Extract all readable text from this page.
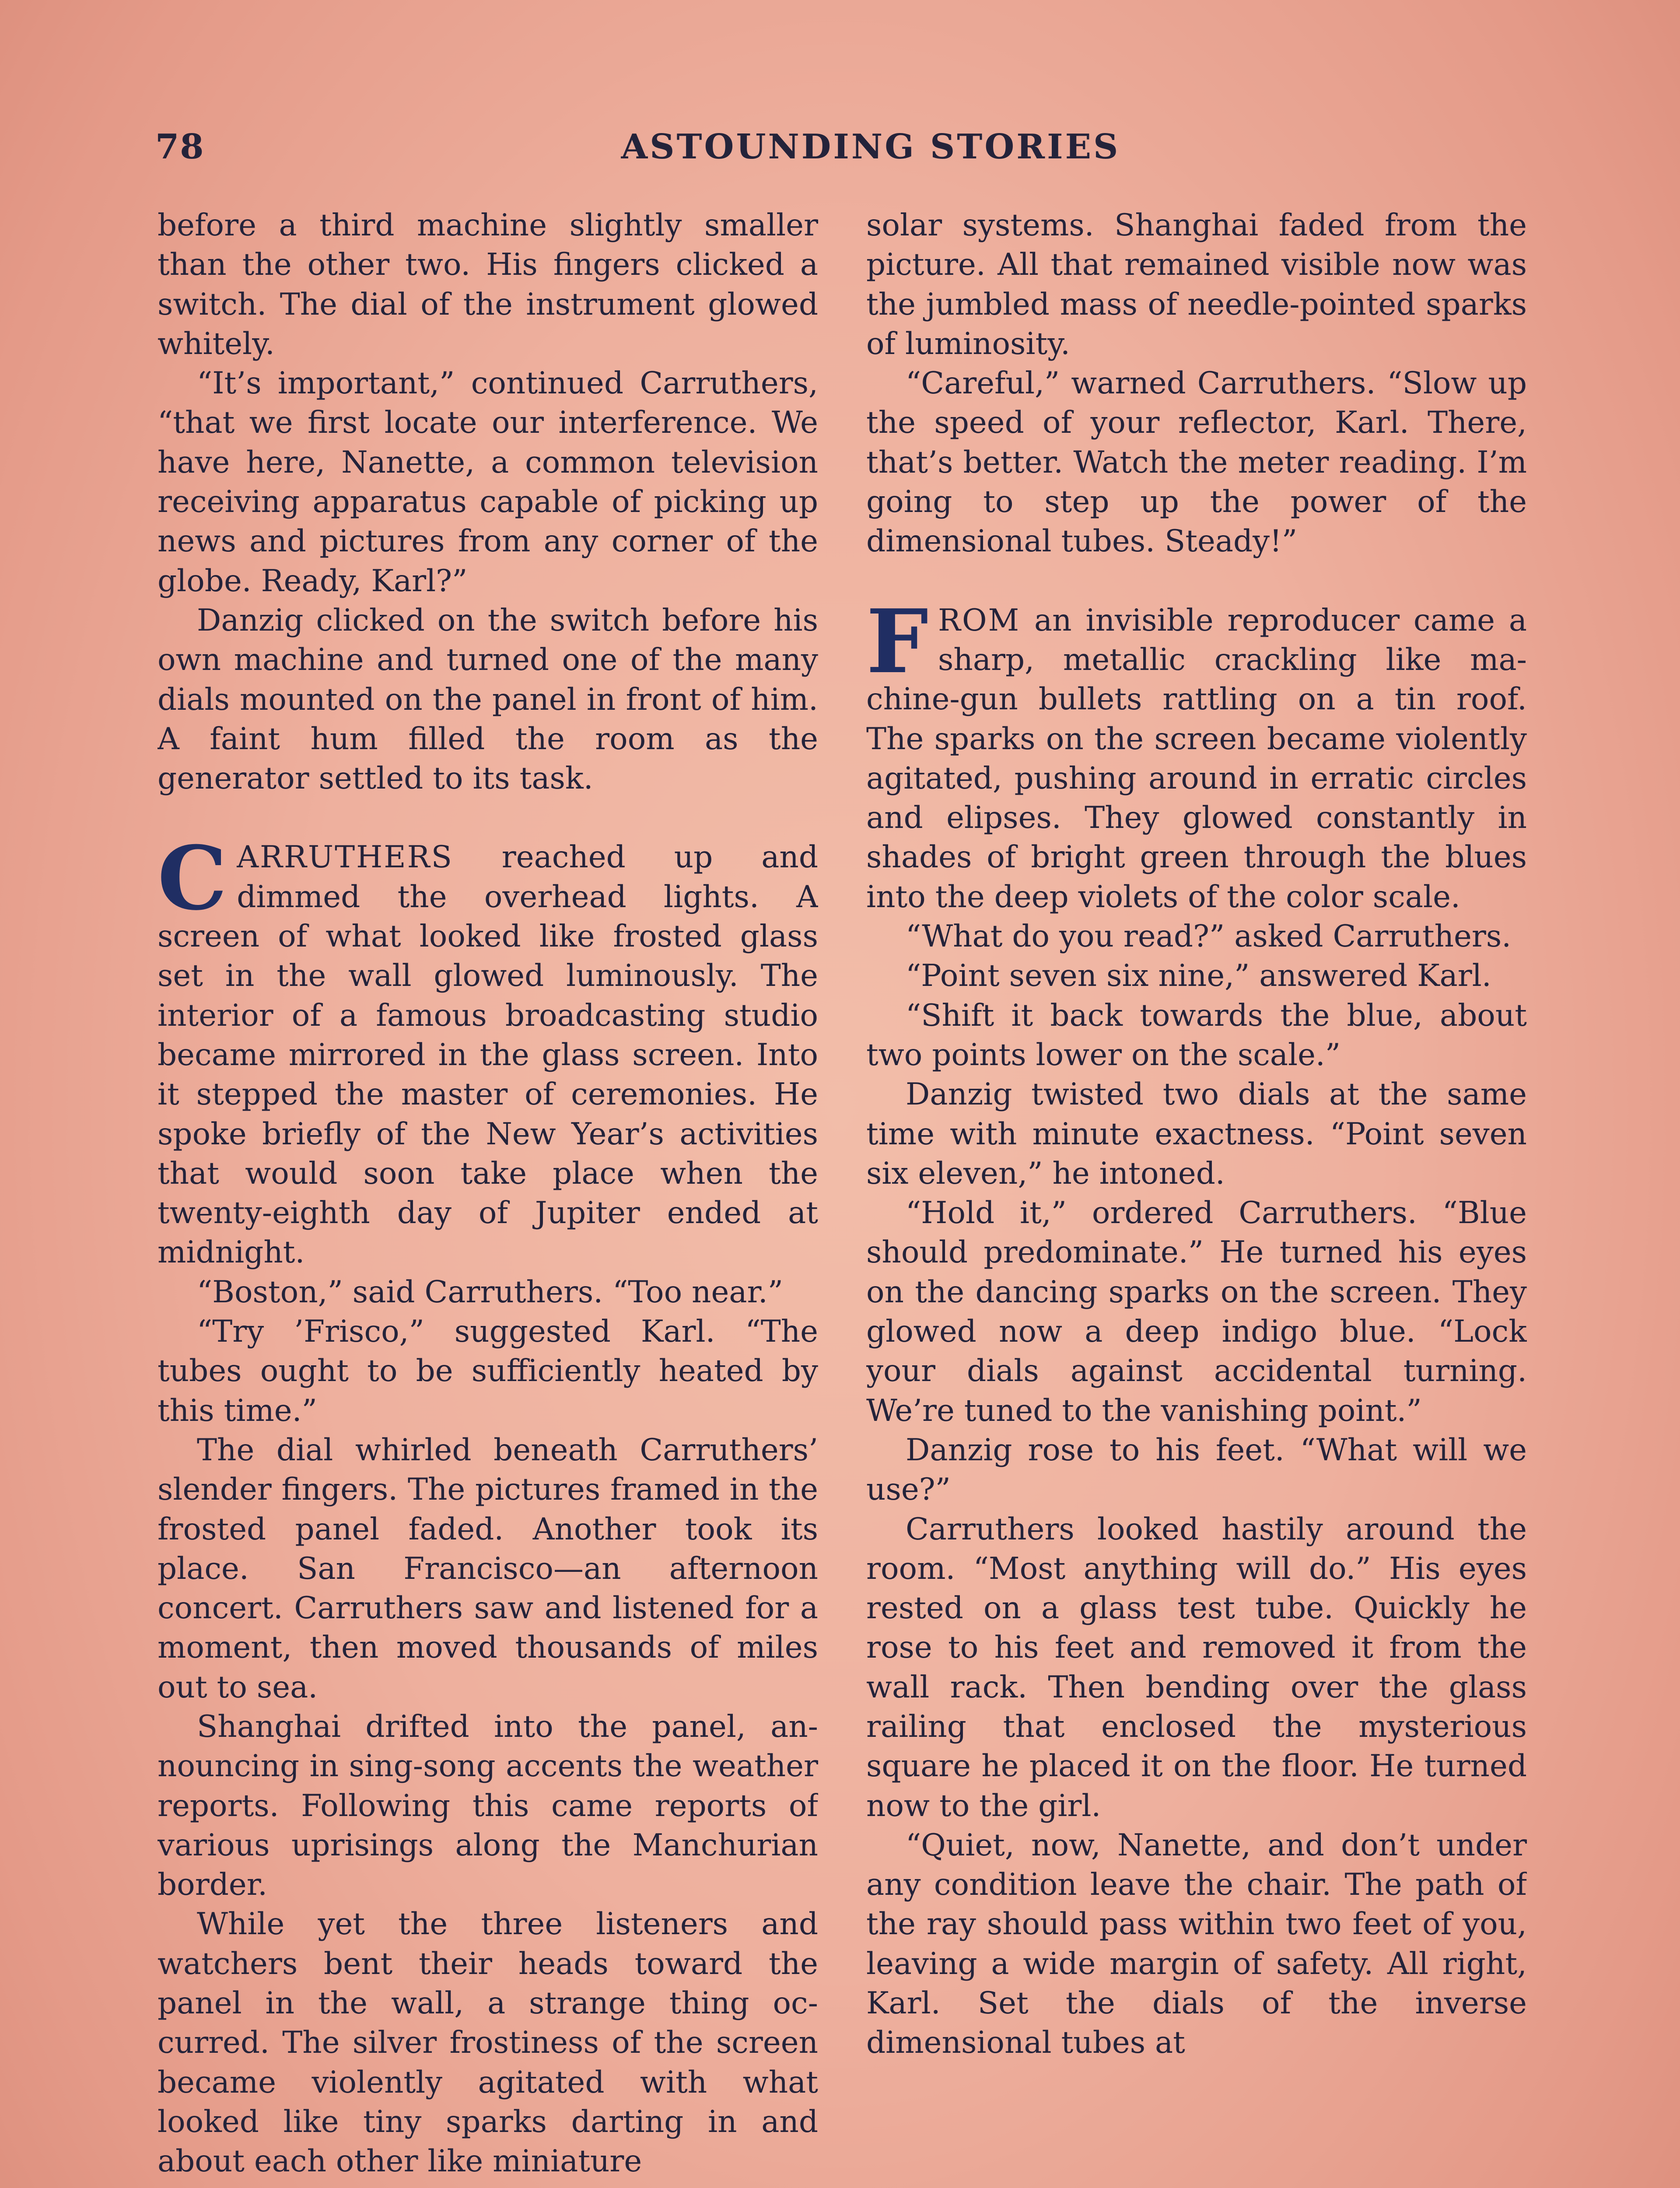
78	ASTOUNDING STORIES

before a third machine slightly smaller than the other two. His fingers clicked a switch. The dial of the instrument glowed whitely.

“It’s important,” continued Carruthers, “that we first locate our interference. We have here, Nanette, a common television receiving apparatus capable of picking up news and pictures from any corner of the globe. Ready, Karl?”

Danzig clicked on the switch before his own machine and turned one of the many dials mounted on the panel in front of him. A faint hum filled the room as the generator settled to its task.

CARRUTHERS reached up and dimmed the overhead lights. A screen of what looked like frosted glass set in the wall glowed luminously. The interior of a famous broadcasting studio became mirrored in the glass screen. Into it stepped the master of ceremonies. He spoke briefly of the New Year’s activities that would soon take place when the twenty-eighth day of Jupiter ended at midnight.

“Boston,” said Carruthers. “Too near.”

“Try ’Frisco,” suggested Karl. “The tubes ought to be sufficiently heated by this time.”

The dial whirled beneath Carruthers’ slender fingers. The pictures framed in the frosted panel faded. Another took its place. San Francisco—an afternoon concert. Carruthers saw and listened for a moment, then moved thousands of miles out to sea.

Shanghai drifted into the panel, announcing in sing-song accents the weather reports. Following this came reports of various uprisings along the Manchurian border.

While yet the three listeners and watchers bent their heads toward the panel in the wall, a strange thing occurred. The silver frostiness of the screen became violently agitated with what looked like tiny sparks darting in and about each other like miniature

solar systems. Shanghai faded from the picture. All that remained visible now was the jumbled mass of needle-pointed sparks of luminosity.

“Careful,” warned Carruthers. “Slow up the speed of your reflector, Karl. There, that’s better. Watch the meter reading. I’m going to step up the power of the dimensional tubes. Steady!”

FROM an invisible reproducer came a sharp, metallic crackling like machine-gun bullets rattling on a tin roof. The sparks on the screen became violently agitated, pushing around in erratic circles and elipses. They glowed constantly in shades of bright green through the blues into the deep violets of the color scale.

“What do you read?” asked Carruthers.

“Point seven six nine,” answered Karl.

“Shift it back towards the blue, about two points lower on the scale.”

Danzig twisted two dials at the same time with minute exactness. “Point seven six eleven,” he intoned.

“Hold it,” ordered Carruthers. “Blue should predominate.” He turned his eyes on the dancing sparks on the screen. They glowed now a deep indigo blue. “Lock your dials against accidental turning. We’re tuned to the vanishing point.”

Danzig rose to his feet. “What will we use?”

Carruthers looked hastily around the room. “Most anything will do.” His eyes rested on a glass test tube. Quickly he rose to his feet and removed it from the wall rack. Then bending over the glass railing that enclosed the mysterious square he placed it on the floor. He turned now to the girl.

“Quiet, now, Nanette, and don’t under any condition leave the chair. The path of the ray should pass within two feet of you, leaving a wide margin of safety. All right, Karl. Set the dials of the inverse dimensional tubes at
